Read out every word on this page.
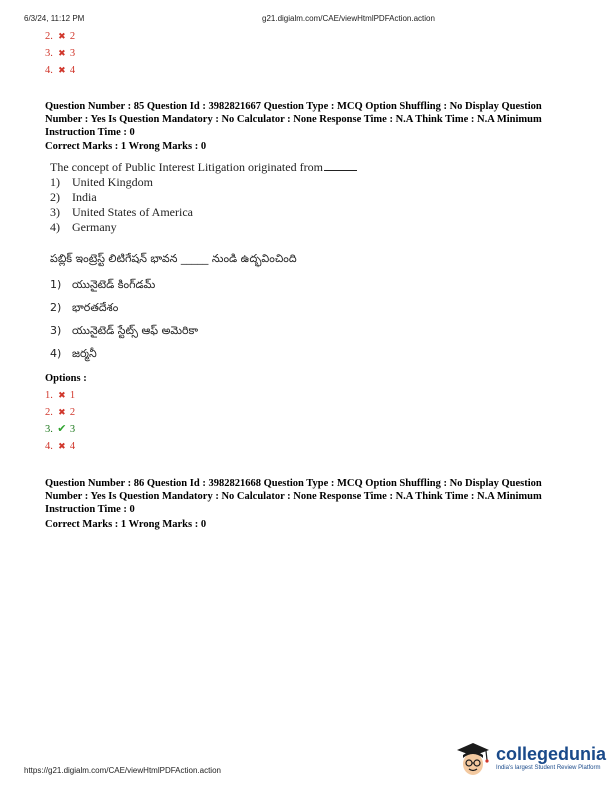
6/3/24, 11:12 PM	g21.digialm.com/CAE/viewHtmlPDFAction.action
2. ✖ 2
3. ✖ 3
4. ✖ 4
Question Number : 85 Question Id : 3982821667 Question Type : MCQ Option Shuffling : No Display Question Number : Yes Is Question Mandatory : No Calculator : None Response Time : N.A Think Time : N.A Minimum Instruction Time : 0
Correct Marks : 1 Wrong Marks : 0
The concept of Public Interest Litigation originated from
1) United Kingdom
2) India
3) United States of America
4) Germany
పబ్లిక్ ఇంట్రెస్ట్ లిటిగేషన్ భావన _____ నుండి ఉద్భవించింది
1) యునైటెడ్ కింగ్‌డమ్
2) భారతదేశం
3) యునైటెడ్ స్టేట్స్ ఆఫ్ అమెరికా
4) జర్మనీ
Options :
1. ✖ 1
2. ✖ 2
3. ✔ 3
4. ✖ 4
Question Number : 86 Question Id : 3982821668 Question Type : MCQ Option Shuffling : No Display Question Number : Yes Is Question Mandatory : No Calculator : None Response Time : N.A Think Time : N.A Minimum Instruction Time : 0
Correct Marks : 1 Wrong Marks : 0
https://g21.digialm.com/CAE/viewHtmlPDFAction.action
collegedunia
India's largest Student Review Platform
